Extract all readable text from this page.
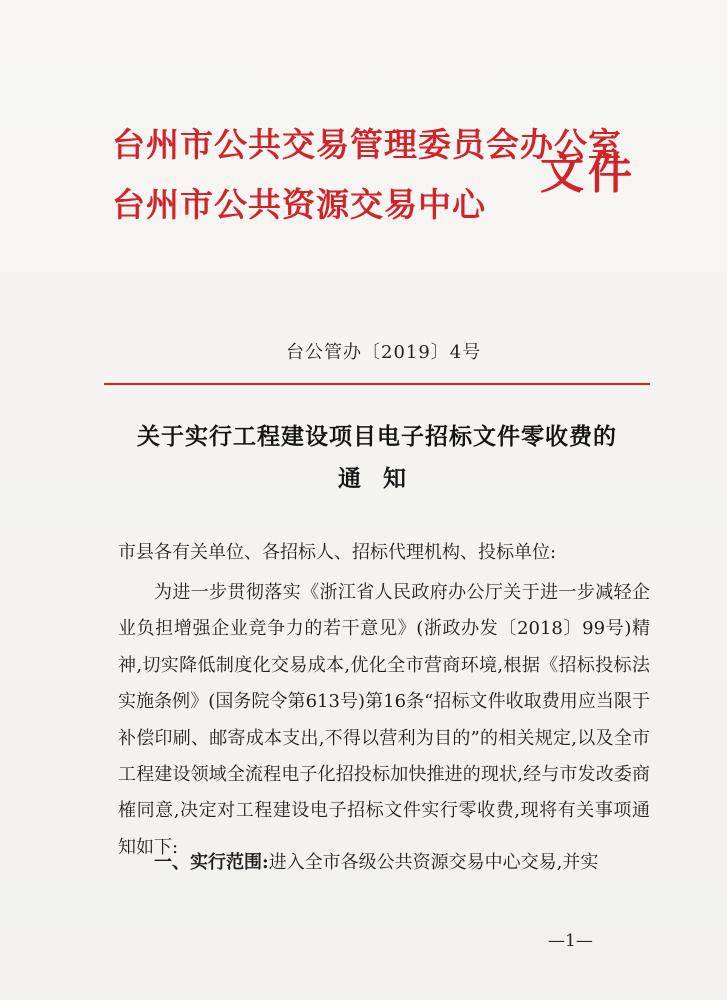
台州市公共交易管理委员会办公室
台州市公共资源交易中心
文件
台公管办〔2019〕4号
关于实行工程建设项目电子招标文件零收费的
通知
市县各有关单位、各招标人、招标代理机构、投标单位:

为进一步贯彻落实《浙江省人民政府办公厅关于进一步减轻企业负担增强企业竞争力的若干意见》(浙政办发〔2018〕99号)精神,切实降低制度化交易成本,优化全市营商环境,根据《招标投标法实施条例》(国务院令第613号)第16条“招标文件收取费用应当限于补偿印刷、邮寄成本支出,不得以营利为目的”的相关规定,以及全市工程建设领域全流程电子化招投标加快推进的现状,经与市发改委商榷同意,决定对工程建设电子招标文件实行零收费,现将有关事项通知如下:

一、实行范围:进入全市各级公共资源交易中心交易,并实
—1—
